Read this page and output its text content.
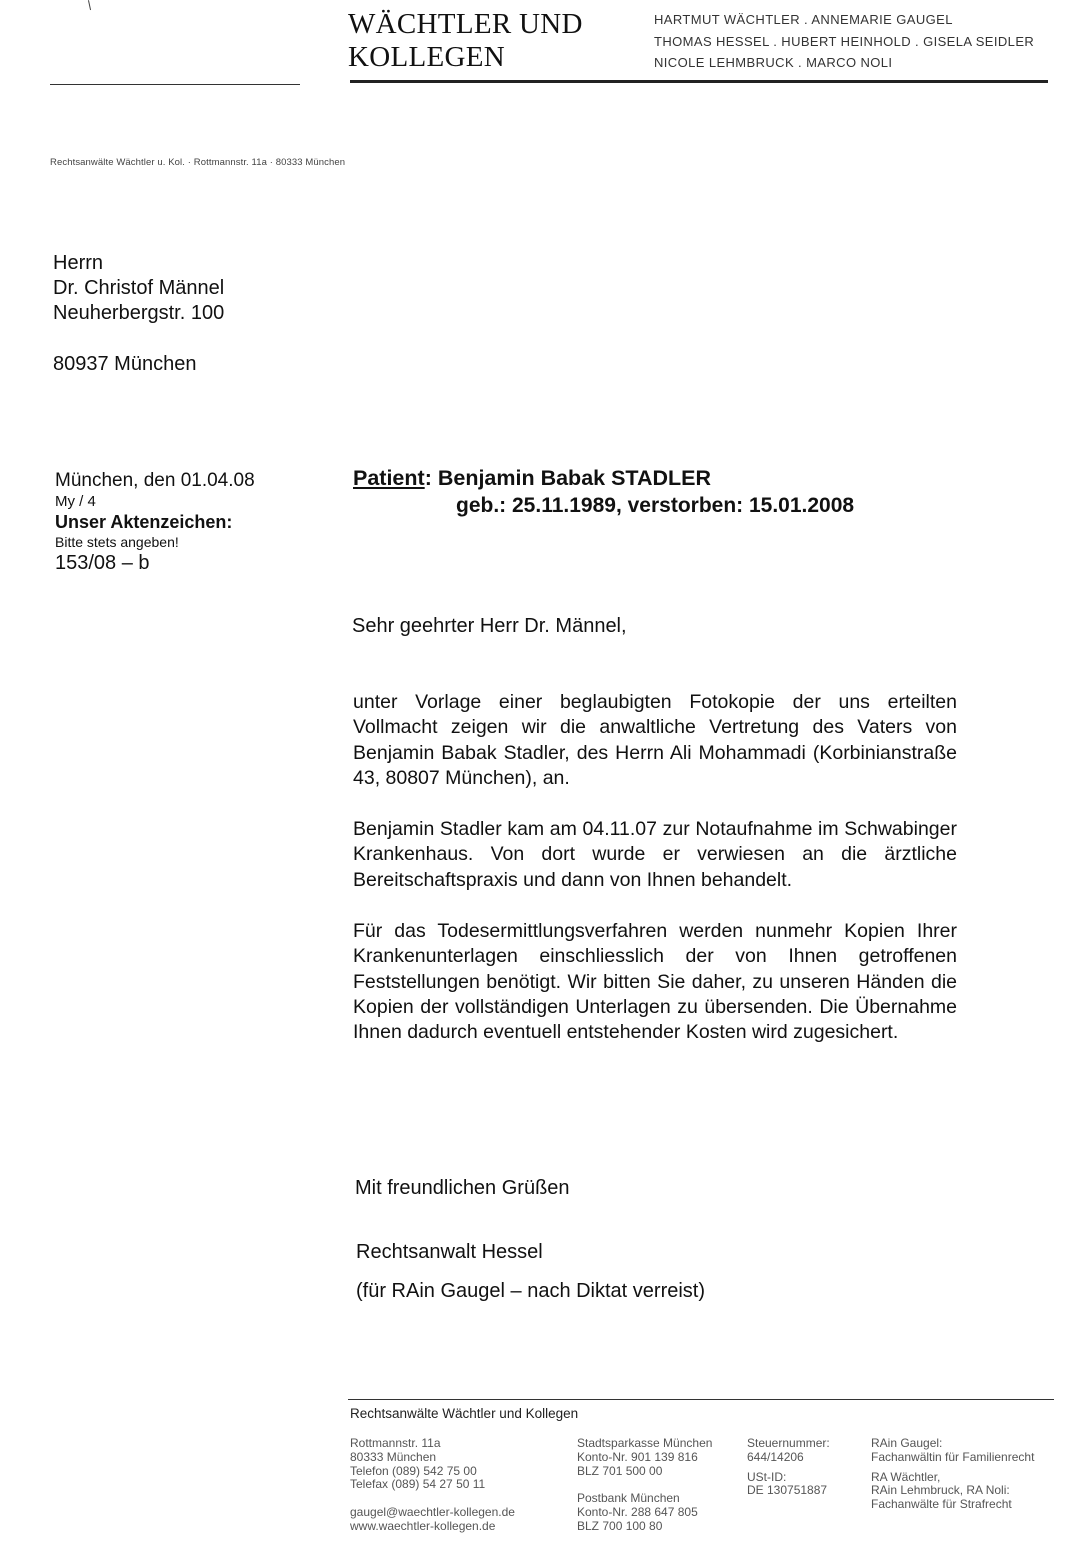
WÄCHTLER UND
KOLLEGEN
HARTMUT WÄCHTLER . ANNEMARIE GAUGEL
THOMAS HESSEL . HUBERT HEINHOLD . GISELA SEIDLER
NICOLE LEHMBRUCK . MARCO NOLI
Rechtsanwälte Wächtler u. Kol. · Rottmannstr. 11a · 80333 München
Herrn
Dr. Christof Männel
Neuherbergstr. 100
80937 München
München, den 01.04.08
My / 4
Unser Aktenzeichen:
Bitte stets angeben!
153/08 – b
Patient: Benjamin Babak STADLER
geb.: 25.11.1989, verstorben: 15.01.2008
Sehr geehrter Herr Dr. Männel,

unter Vorlage einer beglaubigten Fotokopie der uns erteilten Vollmacht zeigen wir die anwaltliche Vertretung des Vaters von Benjamin Babak Stadler, des Herrn Ali Mohammadi (Korbinianstraße 43, 80807 München), an.

Benjamin Stadler kam am 04.11.07 zur Notaufnahme im Schwabinger Krankenhaus. Von dort wurde er verwiesen an die ärztliche Bereitschaftspraxis und dann von Ihnen behandelt.

Für das Todesermittlungsverfahren werden nunmehr Kopien Ihrer Krankenunterlagen einschliesslich der von Ihnen getroffenen Feststellungen benötigt. Wir bitten Sie daher, zu unseren Händen die Kopien der vollständigen Unterlagen zu übersenden. Die Übernahme Ihnen dadurch eventuell entstehender Kosten wird zugesichert.

Mit freundlichen Grüßen
Rechtsanwalt Hessel
(für RAin Gaugel – nach Diktat verreist)
Rechtsanwälte Wächtler und Kollegen
Rottmannstr. 11a
80333 München
Telefon (089) 542 75 00
Telefax (089) 54 27 50 11
gaugel@waechtler-kollegen.de
www.waechtler-kollegen.de
Stadtsparkasse München
Konto-Nr. 901 139 816
BLZ 701 500 00
Postbank München
Konto-Nr. 288 647 805
BLZ 700 100 80
Steuernummer:
644/14206
USt-ID:
DE 130751887
RAin Gaugel:
Fachanwältin für Familienrecht
RA Wächtler,
RAin Lehmbruck, RA Noli:
Fachanwälte für Strafrecht
